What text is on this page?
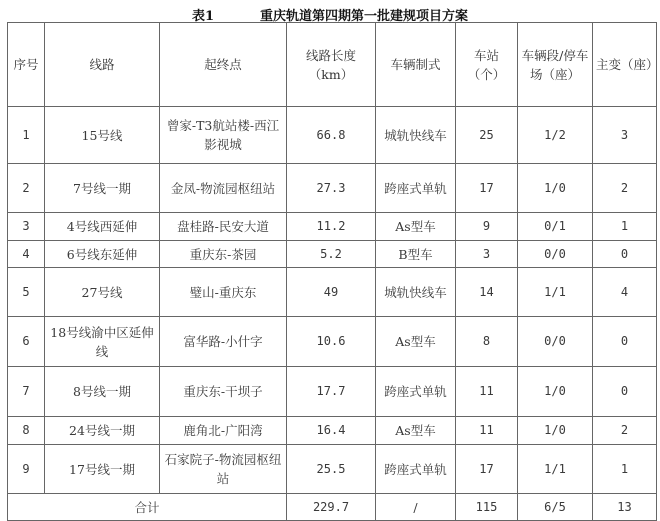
表1	重庆轨道第四期第一批建规项目方案
序号	线路	起终点	线路长度（km）	车辆制式	车站（个）	车辆段/停车场（座）	主变（座）
1	15号线	曾家-T3航站楼-西江影视城	66.8	城轨快线车	25	1/2	3
2	7号线一期	金凤-物流园枢纽站	27.3	跨座式单轨	17	1/0	2
3	4号线西延伸	盘桂路-民安大道	11.2	As型车	9	0/1	1
4	6号线东延伸	重庆东-茶园	5.2	B型车	3	0/0	0
5	27号线	璧山-重庆东	49	城轨快线车	14	1/1	4
6	18号线渝中区延伸线	富华路-小什字	10.6	As型车	8	0/0	0
7	8号线一期	重庆东-干坝子	17.7	跨座式单轨	11	1/0	0
8	24号线一期	鹿角北-广阳湾	16.4	As型车	11	1/0	2
9	17号线一期	石家院子-物流园枢纽站	25.5	跨座式单轨	17	1/1	1
合计			229.7	/	115	6/5	13
